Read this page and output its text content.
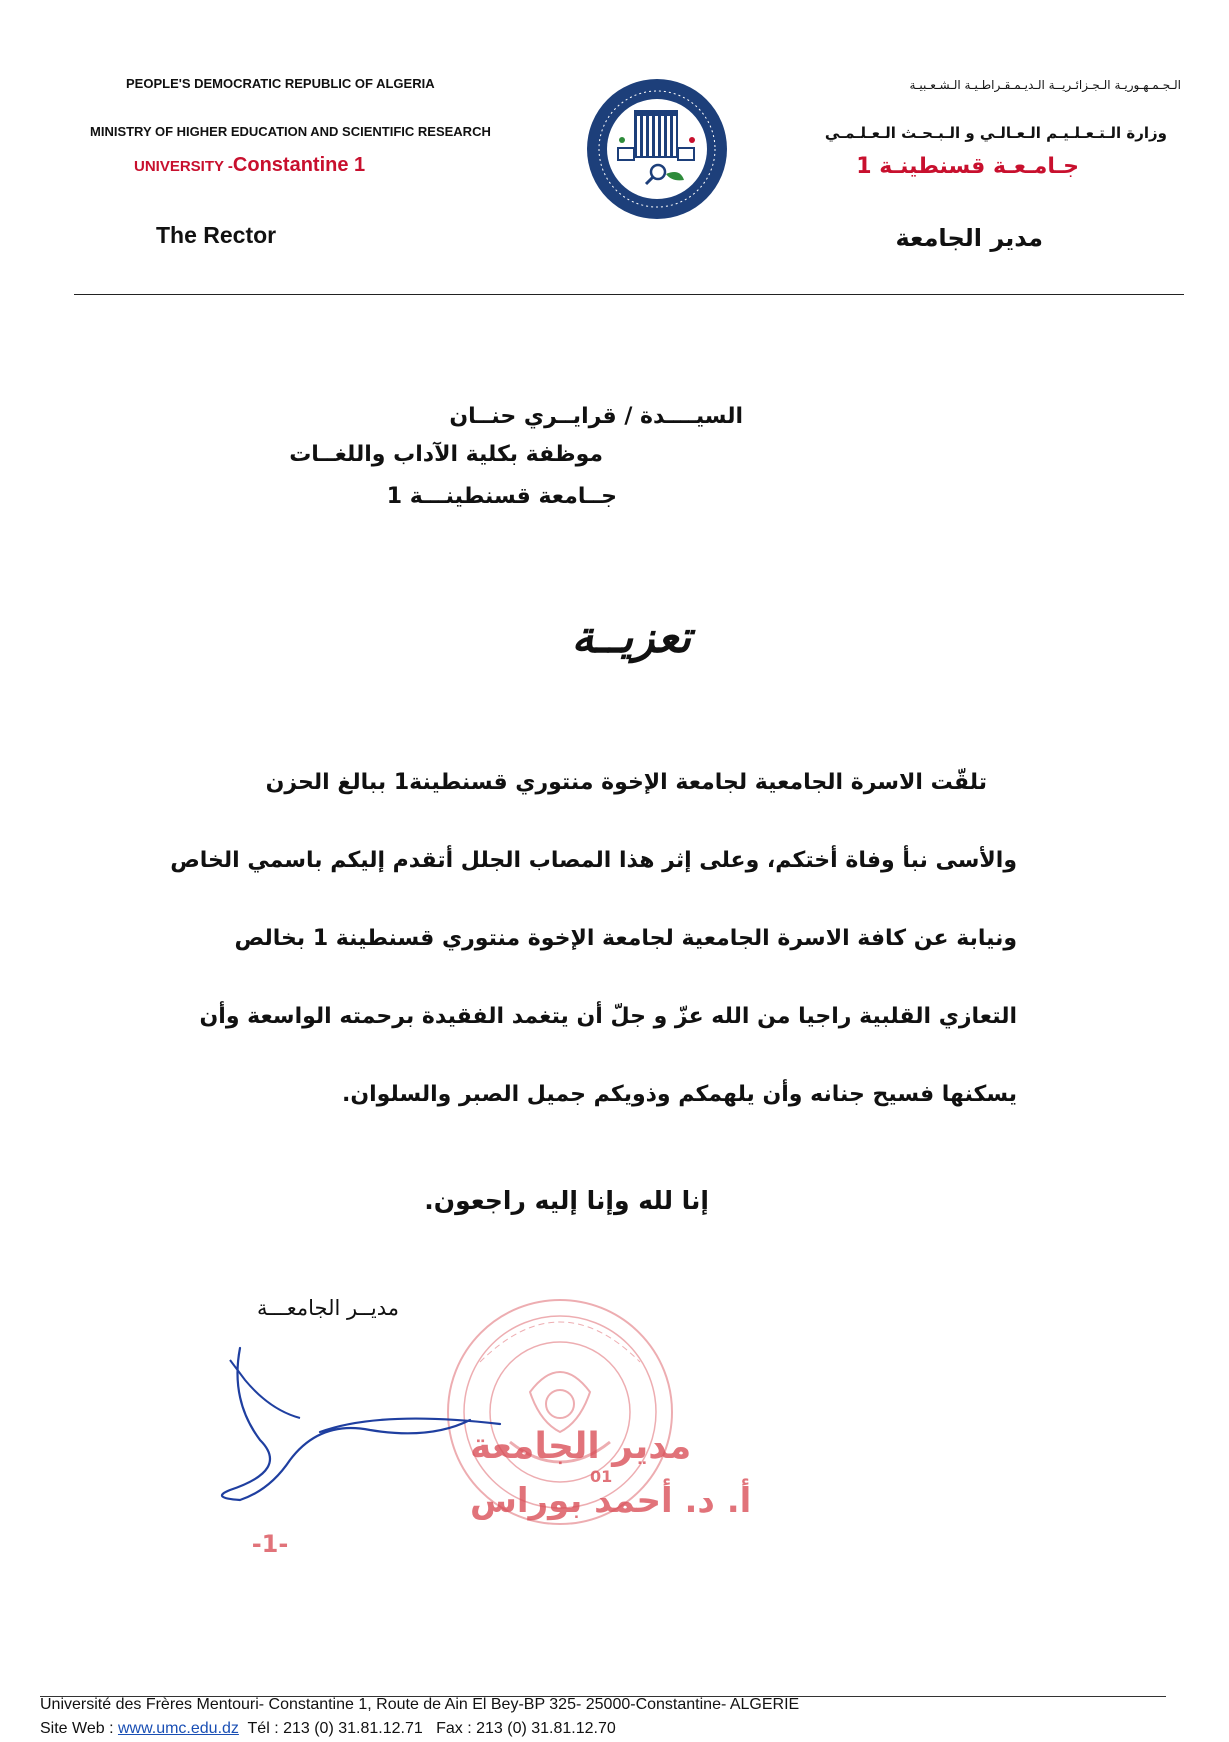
PEOPLE'S DEMOCRATIC REPUBLIC OF ALGERIA
MINISTRY OF HIGHER EDUCATION AND SCIENTIFIC RESEARCH
UNIVERSITY -Constantine 1
The Rector
الـجـمـهـوريـة الـجـزائـريــة الـديـمـقـراطـيـة الـشـعـبيـة
وزارة الـتـعـلـيـم الـعـالـي و الـبـحـث الـعـلـمـي
جـامـعـة قسنطينـة 1
مدير الجامعة
السيــــدة / قرايــري حنــان
موظفة بكلية الآداب واللغــات
جــامعة قسنطينـــة 1
تعزيــة
تلقّت الاسرة الجامعية لجامعة الإخوة منتوري قسنطينة1 ببالغ الحزن
والأسى نبأ وفاة أختكم، وعلى إثر هذا المصاب الجلل أتقدم إليكم باسمي الخاص
ونيابة عن كافة الاسرة الجامعية لجامعة الإخوة منتوري قسنطينة 1 بخالص
التعازي القلبية راجيا من الله عزّ و جلّ أن يتغمد الفقيدة برحمته الواسعة وأن
يسكنها فسيح جنانه وأن يلهمكم وذويكم جميل الصبر والسلوان.
إنا لله وإنا إليه راجعون.
مديــر الجامعـــة
01
مدير الجامعة
أ. د. أحمد بوراس
-1-
Université des Frères Mentouri- Constantine 1, Route de Ain El Bey-BP 325- 25000-Constantine- ALGERIE
Site Web : www.umc.edu.dz Tél : 213 (0) 31.81.12.71 Fax : 213 (0) 31.81.12.70
